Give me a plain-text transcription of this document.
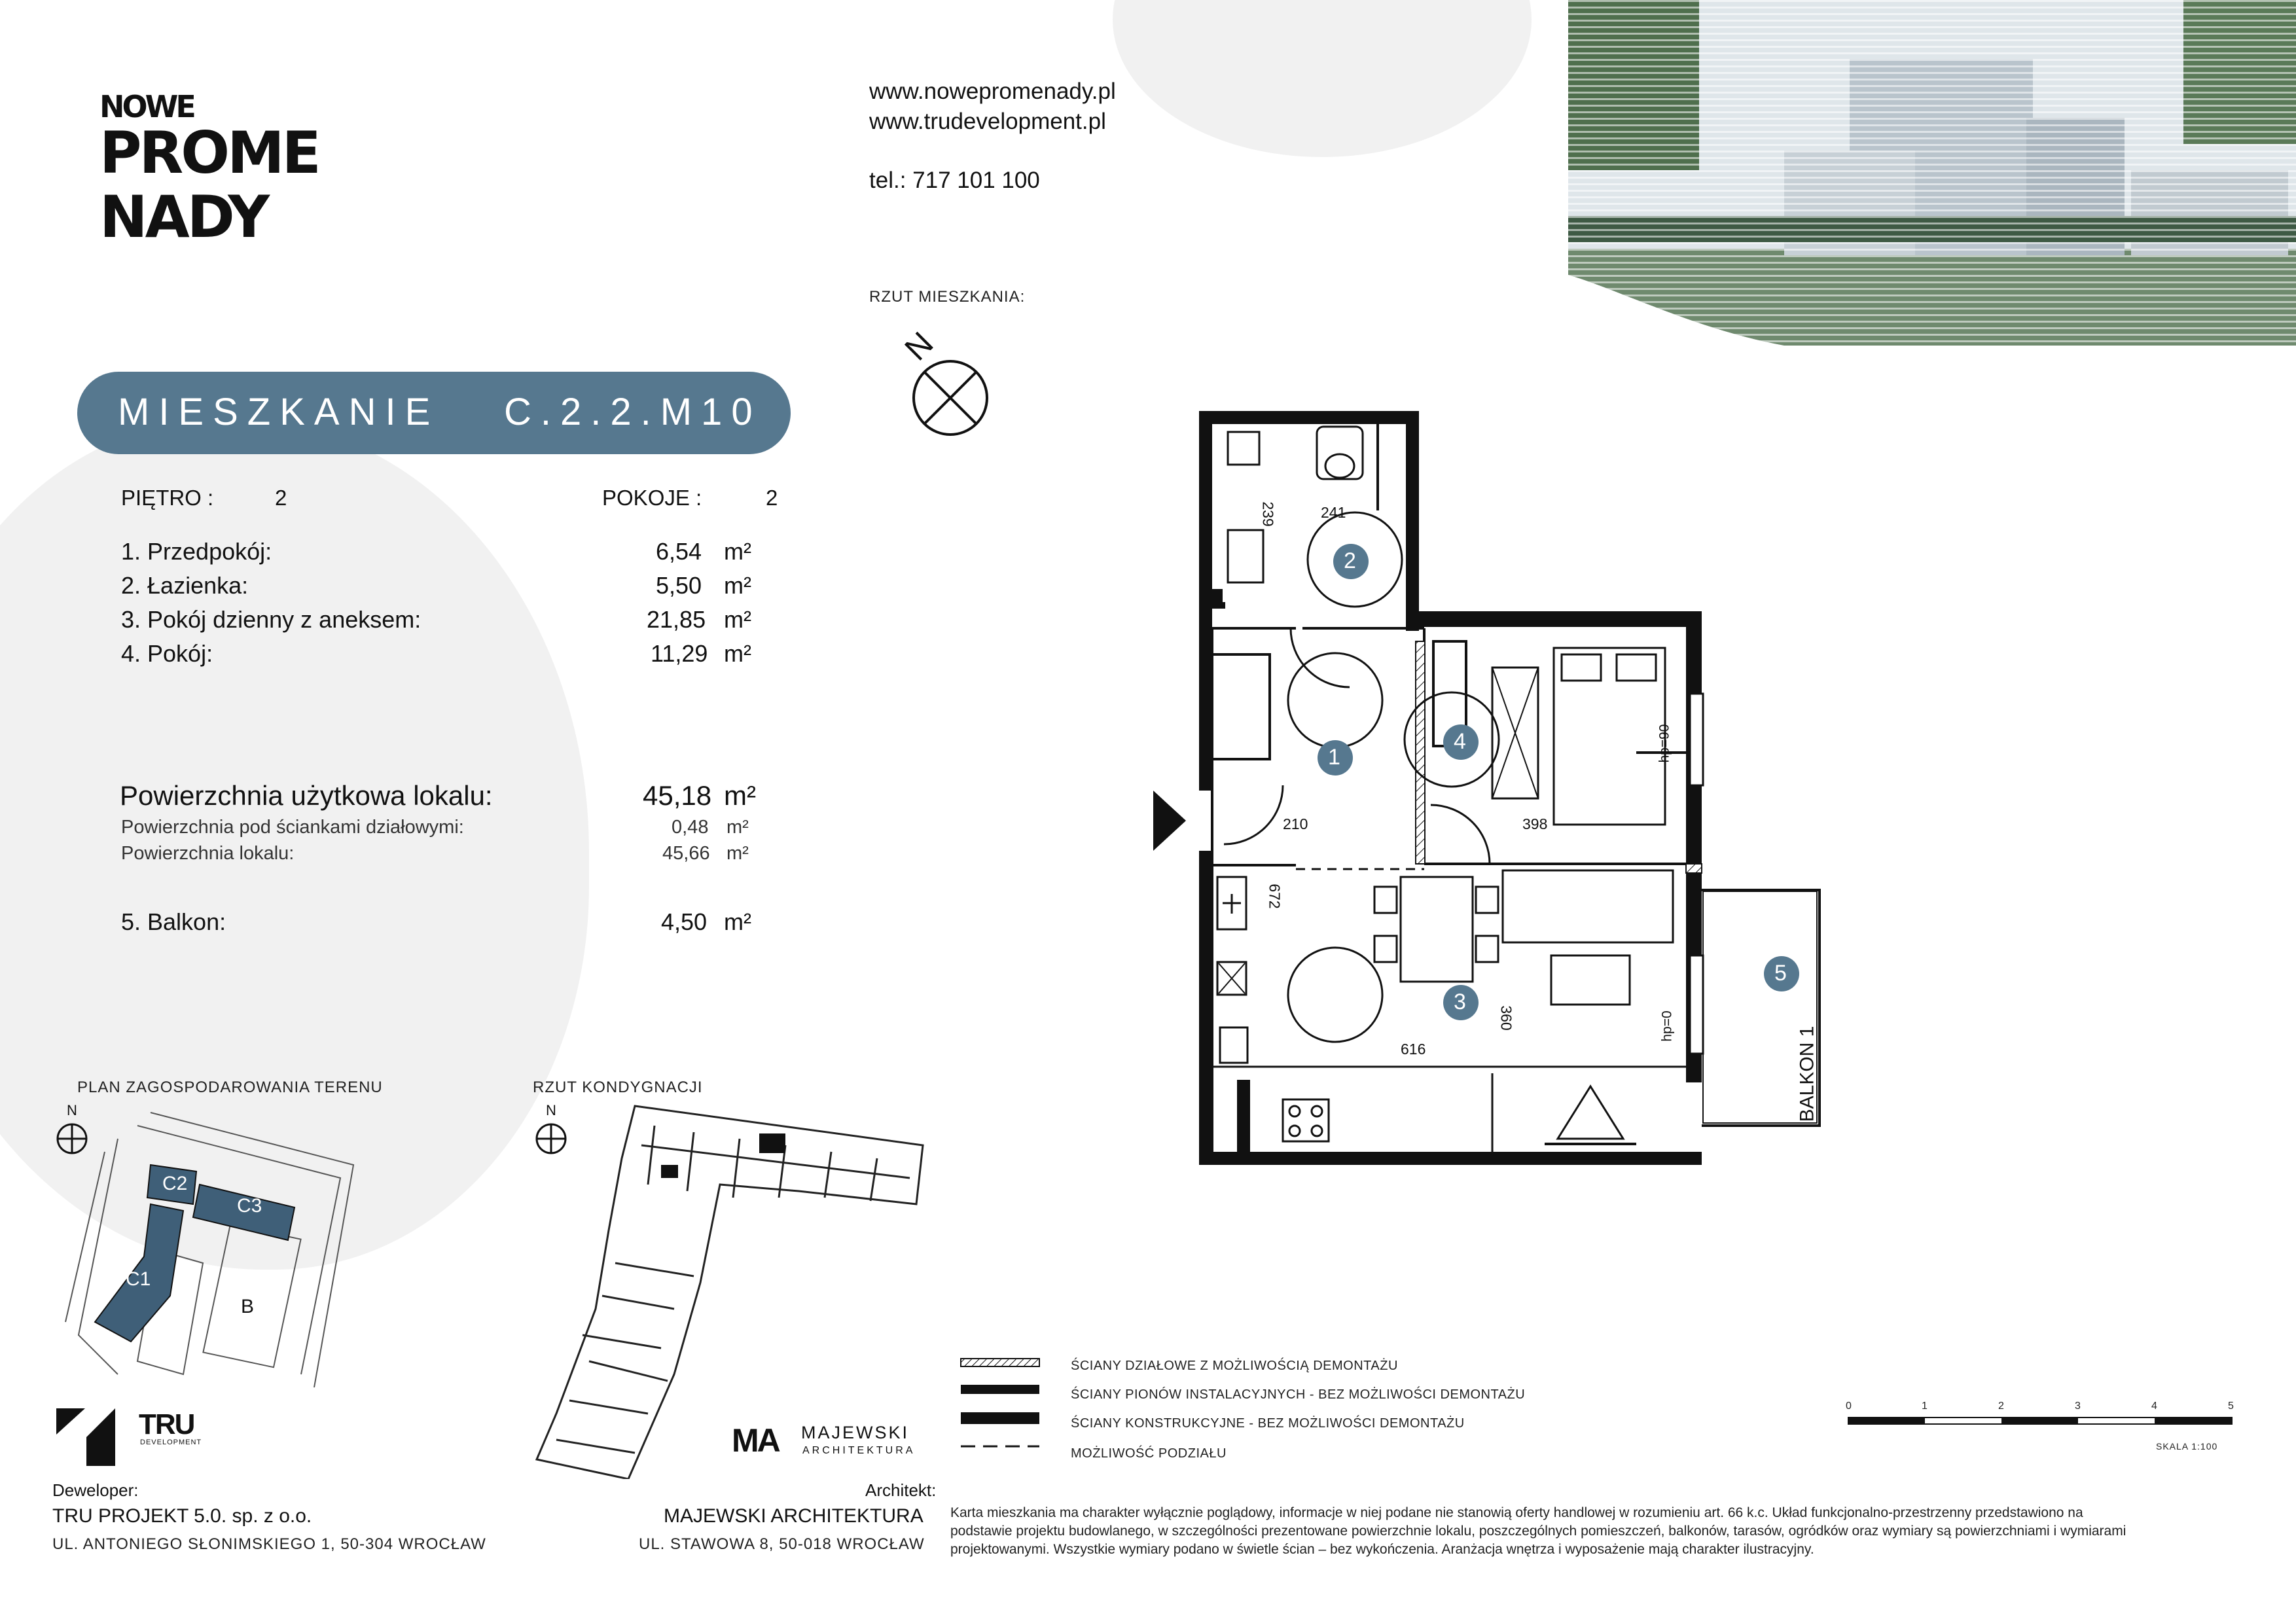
NOWE
PROME
NADY
www.nowepromenady.pl
www.trudevelopment.pl
tel.: 717 101 100
RZUT MIESZKANIA:
N
MIESZKANIE C.2.2.M10
PIĘTRO :	2	POKOJE :	2
1. Przedpokój:	6,54 m²
2. Łazienka:	5,50 m²
3. Pokój dzienny z aneksem:	21,85 m²
4. Pokój:	11,29 m²
Powierzchnia użytkowa lokalu:	45,18 m²
Powierzchnia pod ściankami działowymi:	0,48 m²
Powierzchnia lokalu:	45,66 m²
5. Balkon:	4,50 m²
PLAN ZAGOSPODAROWANIA TERENU
N
C2
C3
C1
B
RZUT KONDYGNACJI
N
2
1
3
4
5
241
239
210	398
672
360
616
hp=90
hp=0	BALKON 1
ŚCIANY DZIAŁOWE Z MOŻLIWOŚCIĄ DEMONTAŻU
ŚCIANY PIONÓW INSTALACYJNYCH - BEZ MOŻLIWOŚCI DEMONTAŻU
ŚCIANY KONSTRUKCYJNE - BEZ MOŻLIWOŚCI DEMONTAŻU
MOŻLIWOŚĆ PODZIAŁU
0	1	2	3	4	5
SKALA 1:100
TRU
DEVELOPMENT
Deweloper:
TRU PROJEKT 5.0. sp. z o.o.
UL. ANTONIEGO SŁONIMSKIEGO 1, 50-304 WROCŁAW
MA MAJEWSKI
ARCHITEKTURA
Architekt:
MAJEWSKI ARCHITEKTURA
UL. STAWOWA 8, 50-018 WROCŁAW
Karta mieszkania ma charakter wyłącznie poglądowy, informacje w niej podane nie stanowią oferty handlowej w rozumieniu art. 66 k.c. Układ funkcjonalno-przestrzenny przedstawiono na
podstawie projektu budowlanego, w szczególności prezentowane powierzchnie lokalu, poszczególnych pomieszczeń, balkonów, tarasów, ogródków oraz wymiary są powierzchniami i wymiarami
projektowanymi. Wszystkie wymiary podano w świetle ścian – bez wykończenia. Aranżacja wnętrza i wyposażenie mają charakter ilustracyjny.
